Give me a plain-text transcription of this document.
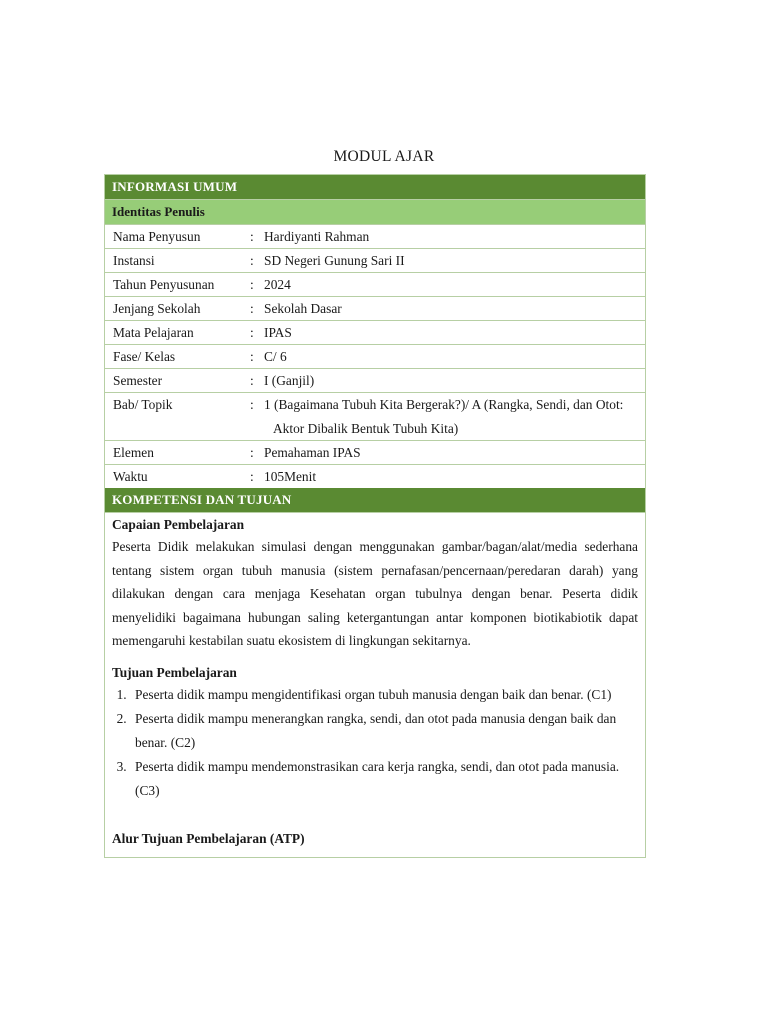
MODUL AJAR
INFORMASI UMUM
Identitas Penulis
Nama Penyusun	: Hardiyanti Rahman
Instansi	: SD Negeri Gunung Sari II
Tahun Penyusunan	: 2024
Jenjang Sekolah	: Sekolah Dasar
Mata Pelajaran	: IPAS
Fase/ Kelas	: C/ 6
Semester	: I (Ganjil)
Bab/ Topik	: 1 (Bagaimana Tubuh Kita Bergerak?)/ A (Rangka, Sendi, dan Otot:
Aktor Dibalik Bentuk Tubuh Kita)
Elemen	: Pemahaman IPAS
Waktu	: 105Menit
KOMPETENSI DAN TUJUAN
Capaian Pembelajaran

Peserta Didik melakukan simulasi dengan menggunakan gambar/bagan/alat/media sederhana tentang sistem organ tubuh manusia (sistem pernafasan/pencernaan/peredaran darah) yang dilakukan dengan cara menjaga Kesehatan organ tubulnya dengan benar. Peserta didik menyelidiki bagaimana hubungan saling ketergantungan antar komponen biotikabiotik dapat memengaruhi kestabilan suatu ekosistem di lingkungan sekitarnya.

Tujuan Pembelajaran
1. Peserta didik mampu mengidentifikasi organ tubuh manusia dengan baik dan benar. (C1)
2. Peserta didik mampu menerangkan rangka, sendi, dan otot pada manusia dengan baik dan benar. (C2)
3. Peserta didik mampu mendemonstrasikan cara kerja rangka, sendi, dan otot pada manusia. (C3)
Alur Tujuan Pembelajaran (ATP)
